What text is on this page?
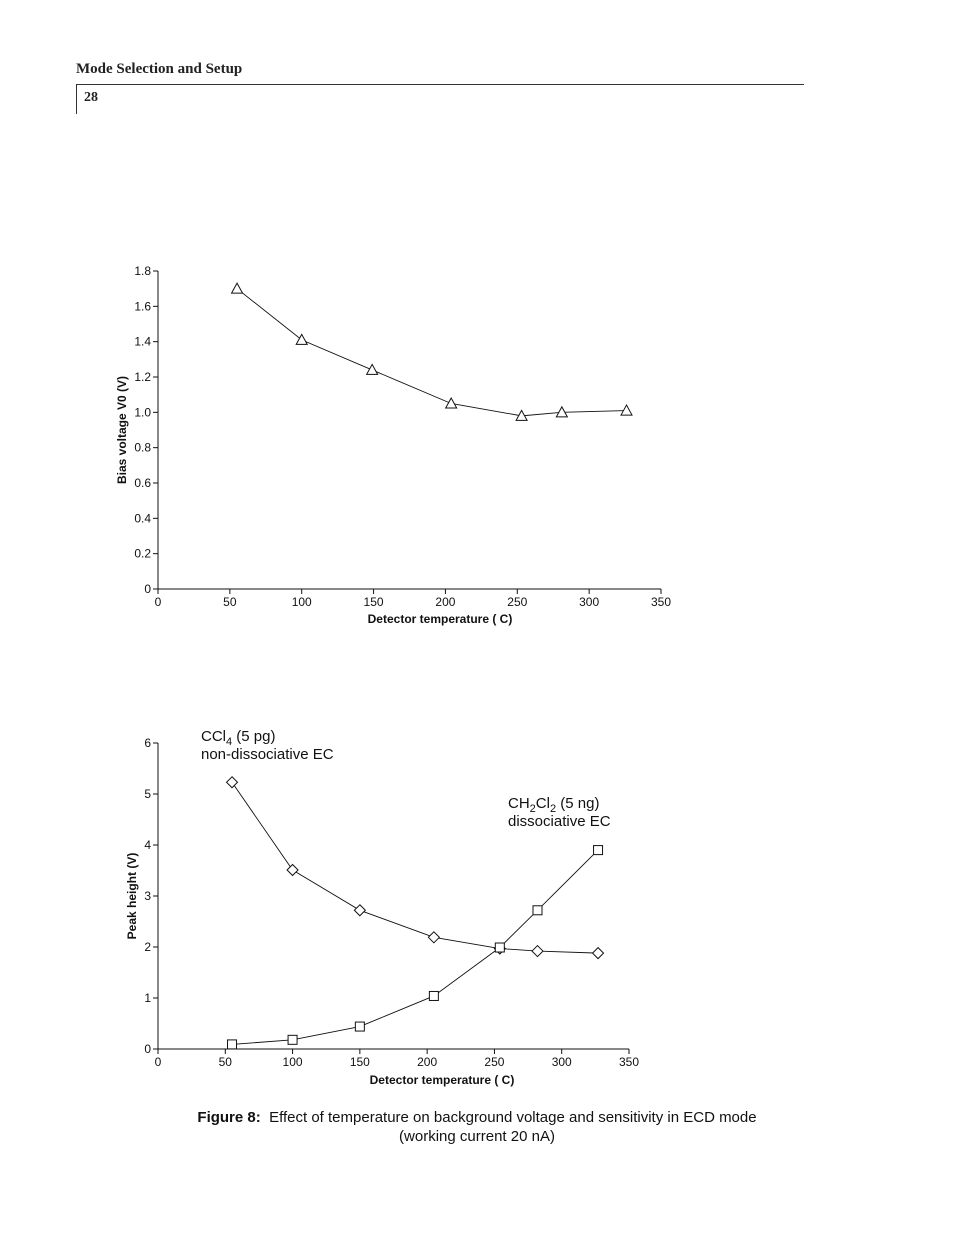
Mode Selection and Setup
28
0	50	100	150	200	250	300	350
0
0.2
0.4
0.6
0.8
1.0
1.2
1.4
1.6
1.8
Detector temperature ( C)
Bias voltage V0 (V)
0	50	100	150	200	250	300	350
0
1
2
3
4
5
6
Detector temperature ( C)
Peak height (V)
CCl$_4$ (5 pg)
non-dissociative EC
$CH_2Cl_2$ (5 ng)
dissociative EC
Figure 8: Effect of temperature on background voltage and sensitivity in ECD mode
(working current 20 nA)
